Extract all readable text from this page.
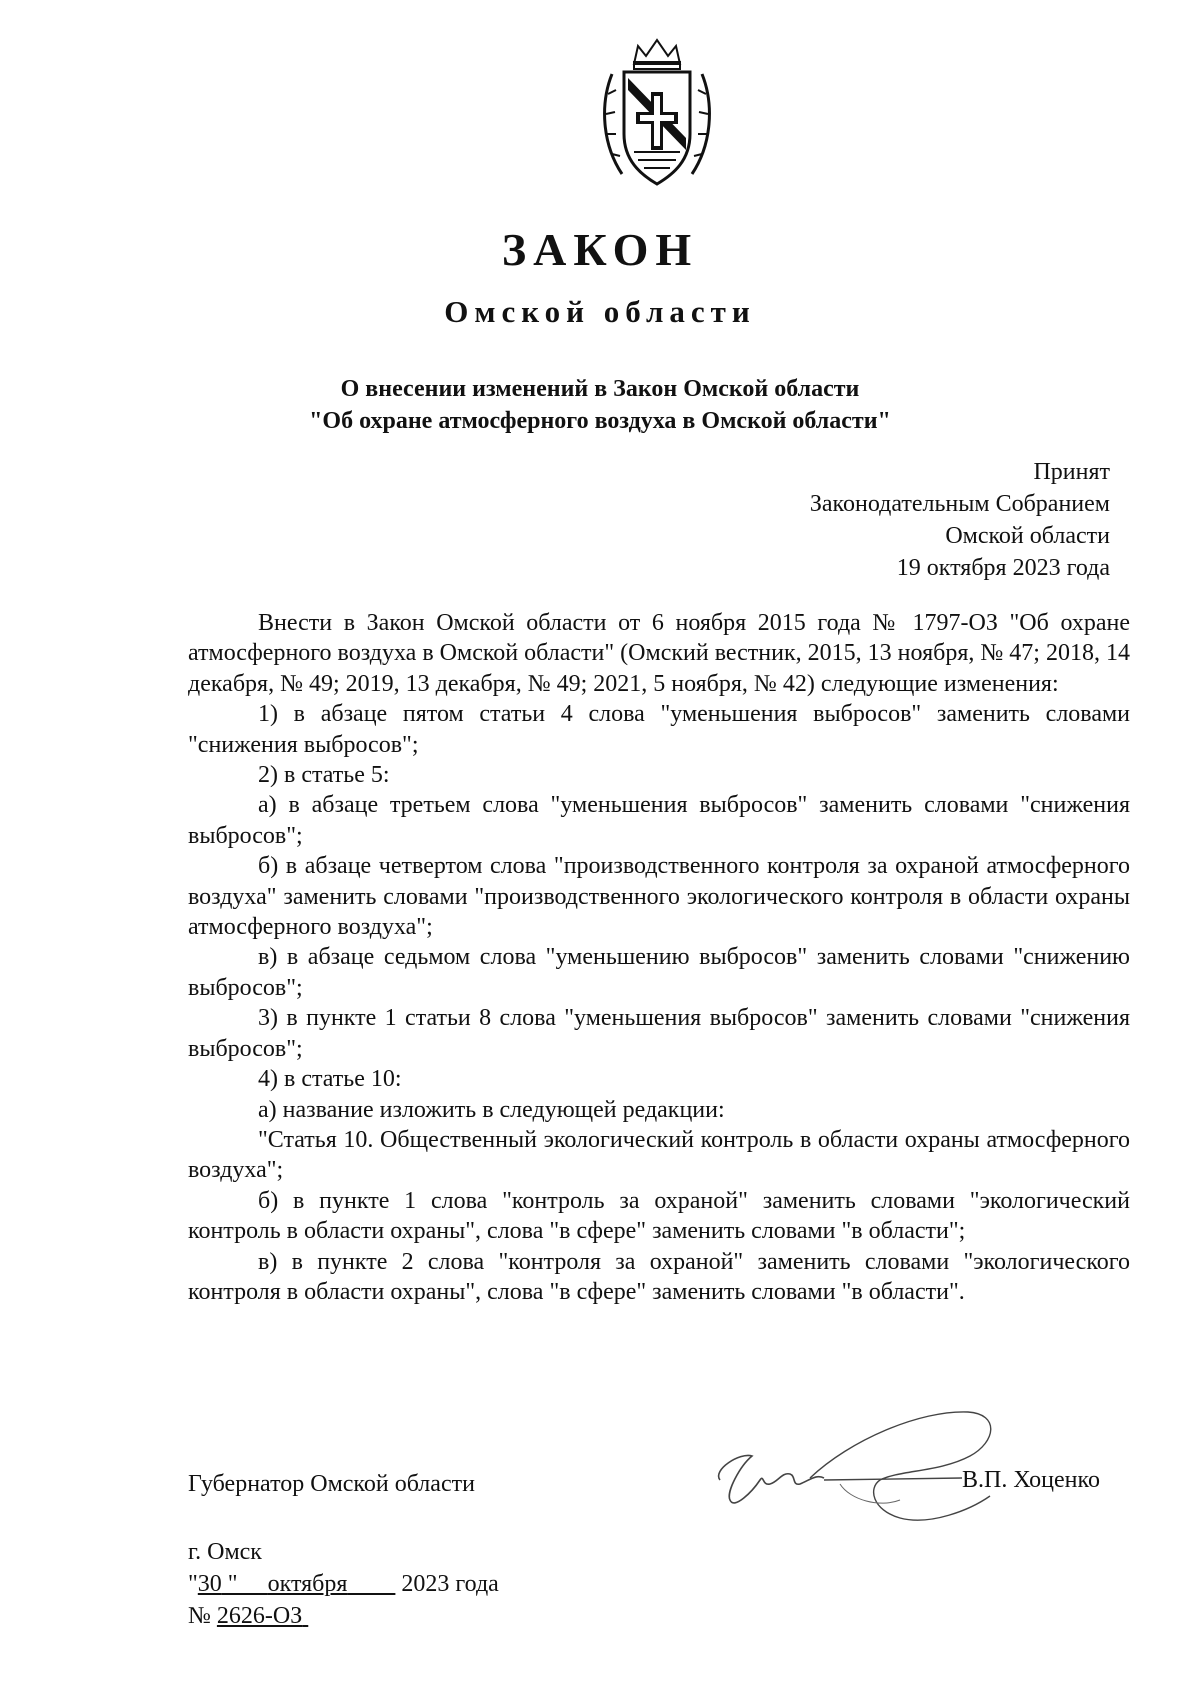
ЗАКОН
Омской области
О внесении изменений в Закон Омской области
"Об охране атмосферного воздуха в Омской области"
Принят
Законодательным Собранием
Омской области
19 октября 2023 года

Внести в Закон Омской области от 6 ноября 2015 года № 1797-ОЗ "Об охране атмосферного воздуха в Омской области" (Омский вестник, 2015, 13 ноября, № 47; 2018, 14 декабря, № 49; 2019, 13 декабря, № 49; 2021, 5 ноября, № 42) следующие изменения:

1) в абзаце пятом статьи 4 слова "уменьшения выбросов" заменить словами "снижения выбросов";

2) в статье 5:

а) в абзаце третьем слова "уменьшения выбросов" заменить словами "снижения выбросов";

б) в абзаце четвертом слова "производственного контроля за охраной атмосферного воздуха" заменить словами "производственного экологического контроля в области охраны атмосферного воздуха";

в) в абзаце седьмом слова "уменьшению выбросов" заменить словами "снижению выбросов";

3) в пункте 1 статьи 8 слова "уменьшения выбросов" заменить словами "снижения выбросов";

4) в статье 10:

а) название изложить в следующей редакции:

"Статья 10. Общественный экологический контроль в области охраны атмосферного воздуха";

б) в пункте 1 слова "контроль за охраной" заменить словами "экологический контроль в области охраны", слова "в сфере" заменить словами "в области";

в) в пункте 2 слова "контроля за охраной" заменить словами "экологического контроля в области охраны", слова "в сфере" заменить словами "в области".

Губернатор Омской области	В.П. Хоценко
г. Омск
"30 "     октября 2023 года
№ 2626-ОЗ
